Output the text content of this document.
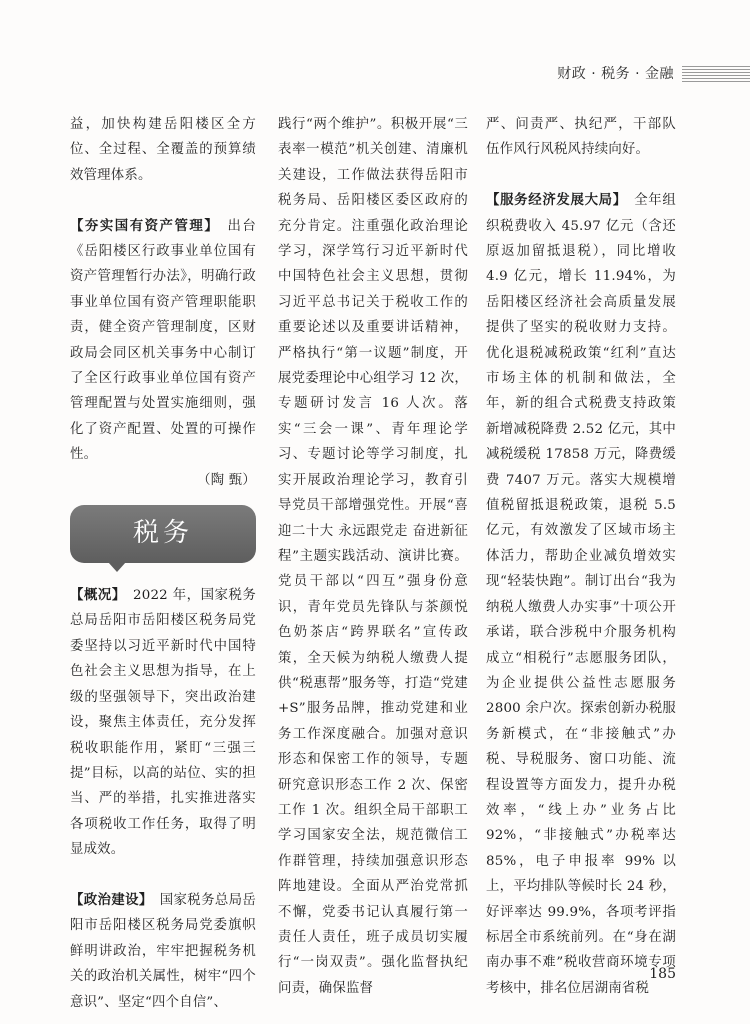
财政 · 税务 · 金融

益，加快构建岳阳楼区全方位、全过程、全覆盖的预算绩效管理体系。

【夯实国有资产管理】　出台《岳阳楼区行政事业单位国有资产管理暂行办法》，明确行政事业单位国有资产管理职能职责，健全资产管理制度，区财政局会同区机关事务中心制订了全区行政事业单位国有资产管理配置与处置实施细则，强化了资产配置、处置的可操作性。

（陶 甄）

税务

【概况】　2022 年，国家税务总局岳阳市岳阳楼区税务局党委坚持以习近平新时代中国特色社会主义思想为指导，在上级的坚强领导下，突出政治建设，聚焦主体责任，充分发挥税收职能作用，紧盯“三强三提”目标，以高的站位、实的担当、严的举措，扎实推进落实各项税收工作任务，取得了明显成效。

【政治建设】　国家税务总局岳阳市岳阳楼区税务局党委旗帜鲜明讲政治，牢牢把握税务机关的政治机关属性，树牢“四个意识”、坚定“四个自信”、

践行“两个维护”。积极开展“三表率一模范”机关创建、清廉机关建设，工作做法获得岳阳市税务局、岳阳楼区委区政府的充分肯定。注重强化政治理论学习，深学笃行习近平新时代中国特色社会主义思想，贯彻习近平总书记关于税收工作的重要论述以及重要讲话精神，严格执行“第一议题”制度，开展党委理论中心组学习 12 次，专题研讨发言 16 人次。落实“三会一课”、青年理论学习、专题讨论等学习制度，扎实开展政治理论学习，教育引导党员干部增强党性。开展“喜迎二十大 永远跟党走 奋进新征程”主题实践活动、演讲比赛。党员干部以“四互”强身份意识，青年党员先锋队与茶颜悦色奶茶店“跨界联名”宣传政策，全天候为纳税人缴费人提供“税惠帮”服务等，打造“党建 +S”服务品牌，推动党建和业务工作深度融合。加强对意识形态和保密工作的领导，专题研究意识形态工作 2 次、保密工作 1 次。组织全局干部职工学习国家安全法，规范微信工作群管理，持续加强意识形态阵地建设。全面从严治党常抓不懈，党委书记认真履行第一责任人责任，班子成员切实履行“一岗双责”。强化监督执纪问责，确保监督

严、问责严、执纪严，干部队伍作风行风税风持续向好。

【服务经济发展大局】　全年组织税费收入 45.97 亿元（含还原返加留抵退税），同比增收 4.9 亿元，增长 11.94%，为岳阳楼区经济社会高质量发展提供了坚实的税收财力支持。优化退税减税政策“红利”直达市场主体的机制和做法，全年，新的组合式税费支持政策新增减税降费 2.52 亿元，其中减税缓税 17858 万元，降费缓费 7407 万元。落实大规模增值税留抵退税政策，退税 5.5 亿元，有效激发了区域市场主体活力，帮助企业减负增效实现“轻装快跑”。制订出台“我为纳税人缴费人办实事”十项公开承诺，联合涉税中介服务机构成立“相税行”志愿服务团队，为企业提供公益性志愿服务 2800 余户次。探索创新办税服务新模式，在“非接触式”办税、导税服务、窗口功能、流程设置等方面发力，提升办税效率，“线上办”业务占比 92%，“非接触式”办税率达 85%，电子申报率 99% 以上，平均排队等候时长 24 秒，好评率达 99.9%，各项考评指标居全市系统前列。在“身在湖南办事不难”税收营商环境专项考核中，排名位居湖南省税

185
